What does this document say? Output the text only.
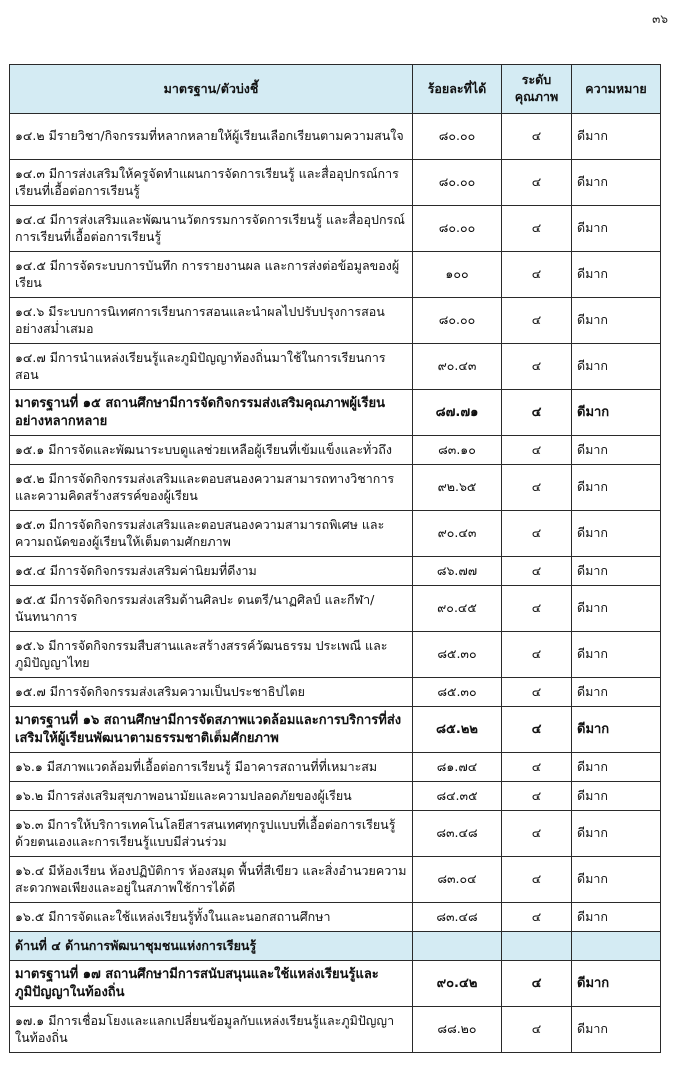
๓๖
มาตรฐาน/ตัวบ่งชี้	ร้อยละที่ได้	ระดับ คุณภาพ	ความหมาย
๑๔.๒ มีรายวิชา/กิจกรรมที่หลากหลายให้ผู้เรียนเลือกเรียนตามความสนใจ	๘๐.๐๐	๔	ดีมาก
๑๔.๓ มีการส่งเสริมให้ครูจัดทำแผนการจัดการเรียนรู้ และสื่ออุปกรณ์การเรียนที่เอื้อต่อการเรียนรู้	๘๐.๐๐	๔	ดีมาก
๑๔.๔ มีการส่งเสริมและพัฒนานวัตกรรมการจัดการเรียนรู้ และสื่ออุปกรณ์การเรียนที่เอื้อต่อการเรียนรู้	๘๐.๐๐	๔	ดีมาก
๑๔.๕ มีการจัดระบบการบันทึก การรายงานผล และการส่งต่อข้อมูลของผู้เรียน	๑๐๐	๔	ดีมาก
๑๔.๖ มีระบบการนิเทศการเรียนการสอนและนำผลไปปรับปรุงการสอนอย่างสม่ำเสมอ	๘๐.๐๐	๔	ดีมาก
๑๔.๗ มีการนำแหล่งเรียนรู้และภูมิปัญญาท้องถิ่นมาใช้ในการเรียนการสอน	๙๐.๔๓	๔	ดีมาก
มาตรฐานที่ ๑๕ สถานศึกษามีการจัดกิจกรรมส่งเสริมคุณภาพผู้เรียนอย่างหลากหลาย	๘๗.๗๑	๔	ดีมาก
๑๕.๑ มีการจัดและพัฒนาระบบดูแลช่วยเหลือผู้เรียนที่เข้มแข็งและทั่วถึง	๘๓.๑๐	๔	ดีมาก
๑๕.๒ มีการจัดกิจกรรมส่งเสริมและตอบสนองความสามารถทางวิชาการและความคิดสร้างสรรค์ของผู้เรียน	๙๒.๖๕	๔	ดีมาก
๑๕.๓ มีการจัดกิจกรรมส่งเสริมและตอบสนองความสามารถพิเศษ และความถนัดของผู้เรียนให้เต็มตามศักยภาพ	๙๐.๔๓	๔	ดีมาก
๑๕.๔ มีการจัดกิจกรรมส่งเสริมค่านิยมที่ดีงาม	๘๖.๗๗	๔	ดีมาก
๑๕.๕ มีการจัดกิจกรรมส่งเสริมด้านศิลปะ ดนตรี/นาฏศิลป์ และกีฬา/นันทนาการ	๙๐.๔๕	๔	ดีมาก
๑๕.๖ มีการจัดกิจกรรมสืบสานและสร้างสรรค์วัฒนธรรม ประเพณี และภูมิปัญญาไทย	๘๕.๓๐	๔	ดีมาก
๑๕.๗ มีการจัดกิจกรรมส่งเสริมความเป็นประชาธิปไตย	๘๕.๓๐	๔	ดีมาก
มาตรฐานที่ ๑๖ สถานศึกษามีการจัดสภาพแวดล้อมและการบริการที่ส่งเสริมให้ผู้เรียนพัฒนาตามธรรมชาติเต็มศักยภาพ	๘๕.๒๒	๔	ดีมาก
๑๖.๑ มีสภาพแวดล้อมที่เอื้อต่อการเรียนรู้ มีอาคารสถานที่ที่เหมาะสม	๘๑.๗๔	๔	ดีมาก
๑๖.๒ มีการส่งเสริมสุขภาพอนามัยและความปลอดภัยของผู้เรียน	๘๔.๓๕	๔	ดีมาก
๑๖.๓ มีการให้บริการเทคโนโลยีสารสนเทศทุกรูปแบบที่เอื้อต่อการเรียนรู้ด้วยตนเองและการเรียนรู้แบบมีส่วนร่วม	๘๓.๔๘	๔	ดีมาก
๑๖.๔ มีห้องเรียน ห้องปฏิบัติการ ห้องสมุด พื้นที่สีเขียว และสิ่งอำนวยความสะดวกพอเพียงและอยู่ในสภาพใช้การได้ดี	๘๓.๐๔	๔	ดีมาก
๑๖.๕ มีการจัดและใช้แหล่งเรียนรู้ทั้งในและนอกสถานศึกษา	๘๓.๔๘	๔	ดีมาก
ด้านที่ ๔ ด้านการพัฒนาชุมชนแห่งการเรียนรู้			
มาตรฐานที่ ๑๗ สถานศึกษามีการสนับสนุนและใช้แหล่งเรียนรู้และภูมิปัญญาในท้องถิ่น	๙๐.๔๒	๔	ดีมาก
๑๗.๑ มีการเชื่อมโยงและแลกเปลี่ยนข้อมูลกับแหล่งเรียนรู้และภูมิปัญญาในท้องถิ่น	๘๘.๒๐	๔	ดีมาก
